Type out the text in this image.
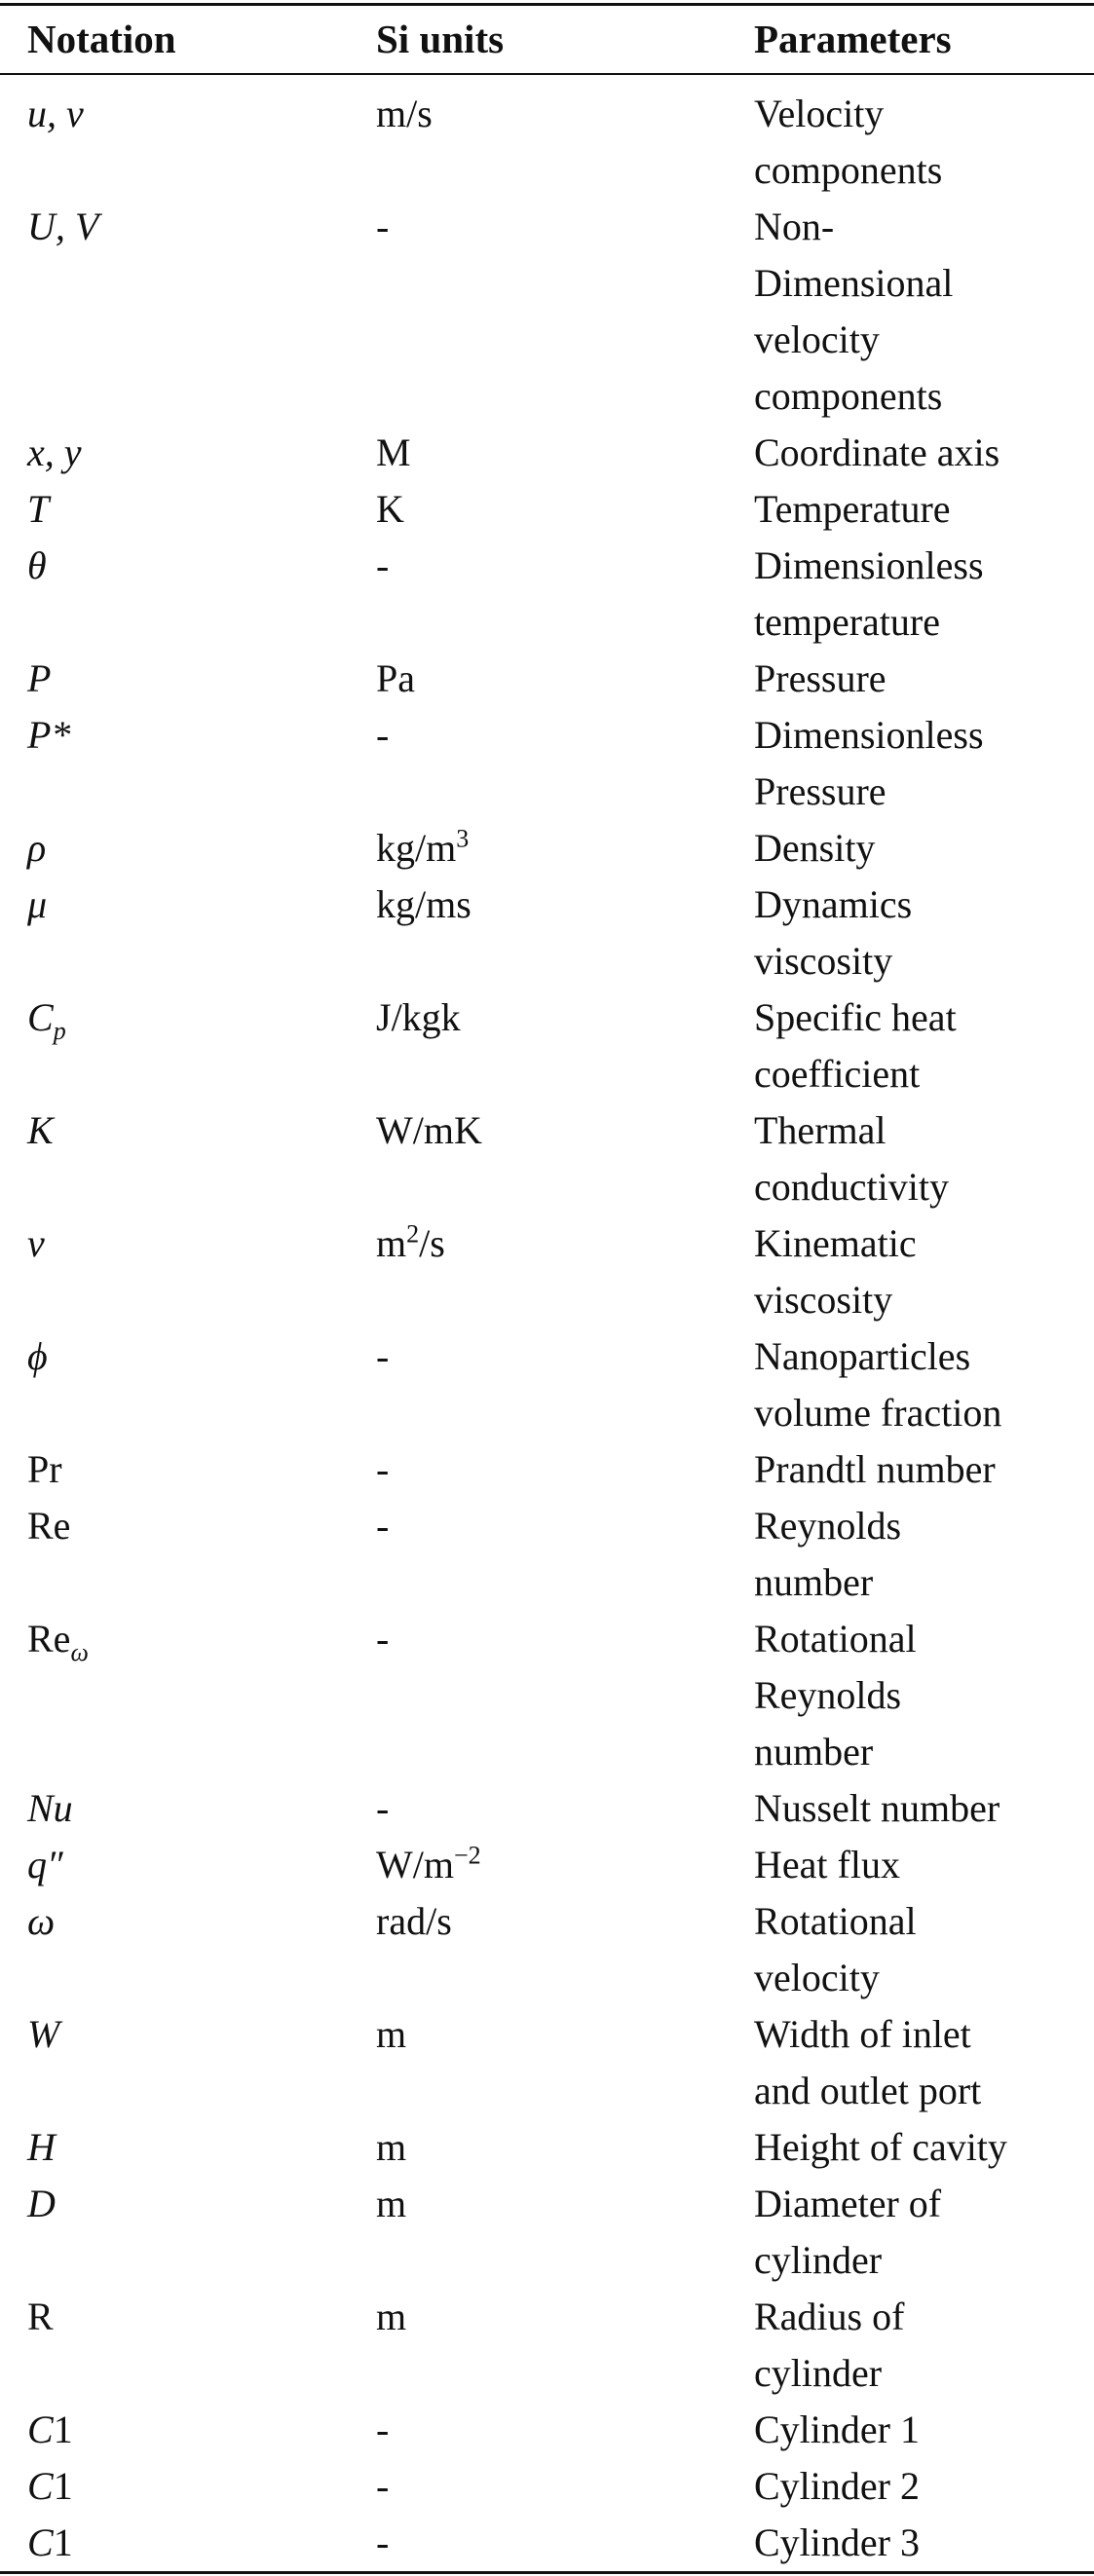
Notation	Si units	Parameters
u, v	m/s	Velocity
components
U, V	-	Non-
Dimensional
velocity
components
x, y	M	Coordinate axis
T	K	Temperature
θ	-	Dimensionless
temperature
P	Pa	Pressure
P*	-	Dimensionless
Pressure
ρ	$kg/m^3$	Density
μ	kg/ms	Dynamics
viscosity
$C_p$	J/kgk	Specific heat
coefficient
K	W/mK	Thermal
conductivity
ν	$m^2/s$	Kinematic
viscosity
ϕ	-	Nanoparticles
volume fraction
Pr	-	Prandtl number
Re	-	Reynolds
number
$Re_\omega$	-	Rotational
Reynolds
number
Nu	-	Nusselt number
q″	$W/m^{-2}$	Heat flux
ω	rad/s	Rotational
velocity
W	m	Width of inlet
and outlet port
H	m	Height of cavity
D	m	Diameter of
cylinder
R	m	Radius of
cylinder
C1	-	Cylinder 1
C1	-	Cylinder 2
C1	-	Cylinder 3
